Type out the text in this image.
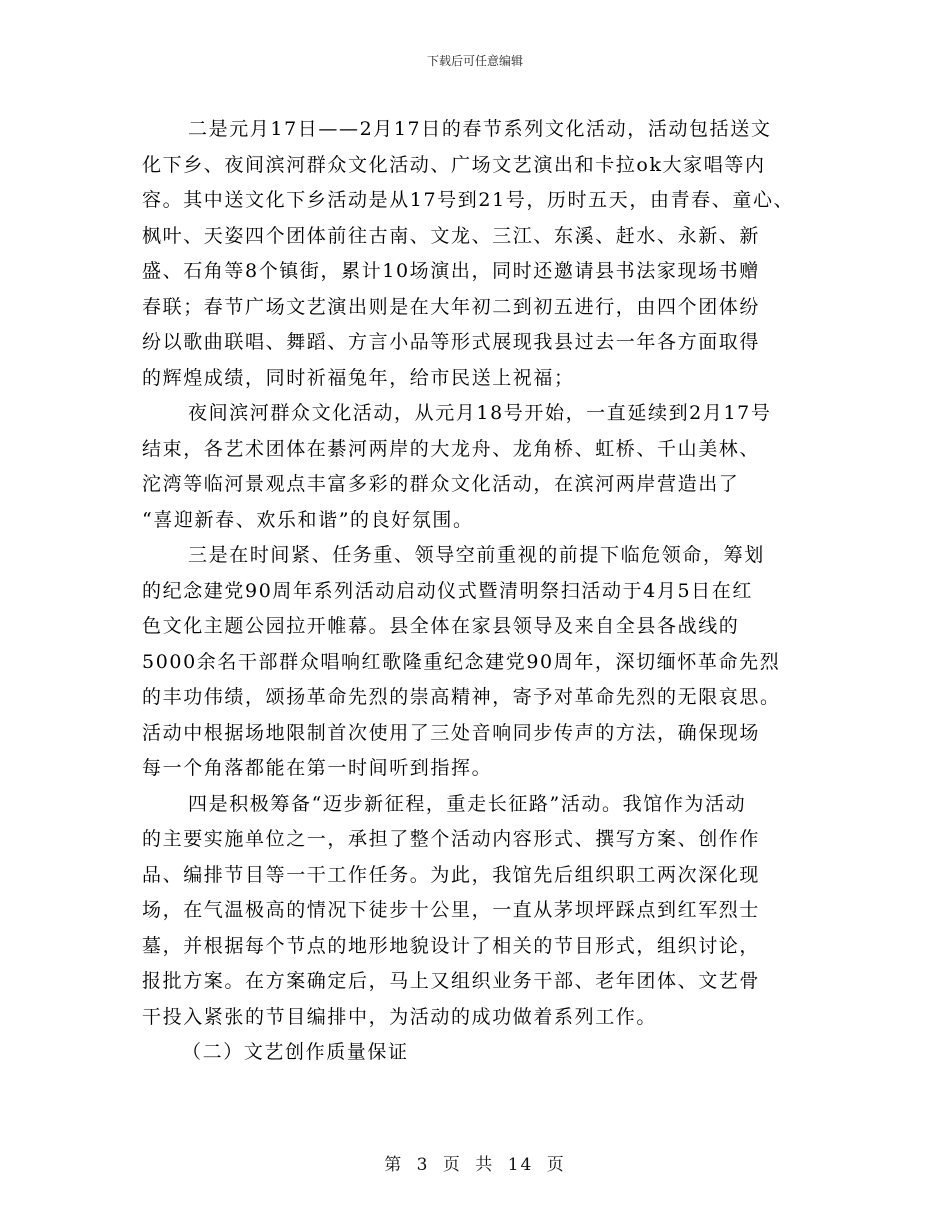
下载后可任意编辑
二是元月17日——2月17日的春节系列文化活动，活动包括送文
化下乡、夜间滨河群众文化活动、广场文艺演出和卡拉ok大家唱等内
容。其中送文化下乡活动是从17号到21号，历时五天，由青春、童心、
枫叶、天姿四个团体前往古南、文龙、三江、东溪、赶水、永新、新
盛、石角等8个镇街，累计10场演出，同时还邀请县书法家现场书赠
春联；春节广场文艺演出则是在大年初二到初五进行，由四个团体纷
纷以歌曲联唱、舞蹈、方言小品等形式展现我县过去一年各方面取得
的辉煌成绩，同时祈福兔年，给市民送上祝福；
夜间滨河群众文化活动，从元月18号开始，一直延续到2月17号
结束，各艺术团体在綦河两岸的大龙舟、龙角桥、虹桥、千山美林、
沱湾等临河景观点丰富多彩的群众文化活动，在滨河两岸营造出了
“喜迎新春、欢乐和谐”的良好氛围。
三是在时间紧、任务重、领导空前重视的前提下临危领命，筹划
的纪念建党90周年系列活动启动仪式暨清明祭扫活动于4月5日在红
色文化主题公园拉开帷幕。县全体在家县领导及来自全县各战线的
5000余名干部群众唱响红歌隆重纪念建党90周年，深切缅怀革命先烈
的丰功伟绩，颂扬革命先烈的崇高精神，寄予对革命先烈的无限哀思。
活动中根据场地限制首次使用了三处音响同步传声的方法，确保现场
每一个角落都能在第一时间听到指挥。
四是积极筹备“迈步新征程，重走长征路”活动。我馆作为活动
的主要实施单位之一，承担了整个活动内容形式、撰写方案、创作作
品、编排节目等一干工作任务。为此，我馆先后组织职工两次深化现
场，在气温极高的情况下徒步十公里，一直从茅坝坪踩点到红军烈士
墓，并根据每个节点的地形地貌设计了相关的节目形式，组织讨论，
报批方案。在方案确定后，马上又组织业务干部、老年团体、文艺骨
干投入紧张的节目编排中，为活动的成功做着系列工作。
（二）文艺创作质量保证
第 3 页 共 14 页
